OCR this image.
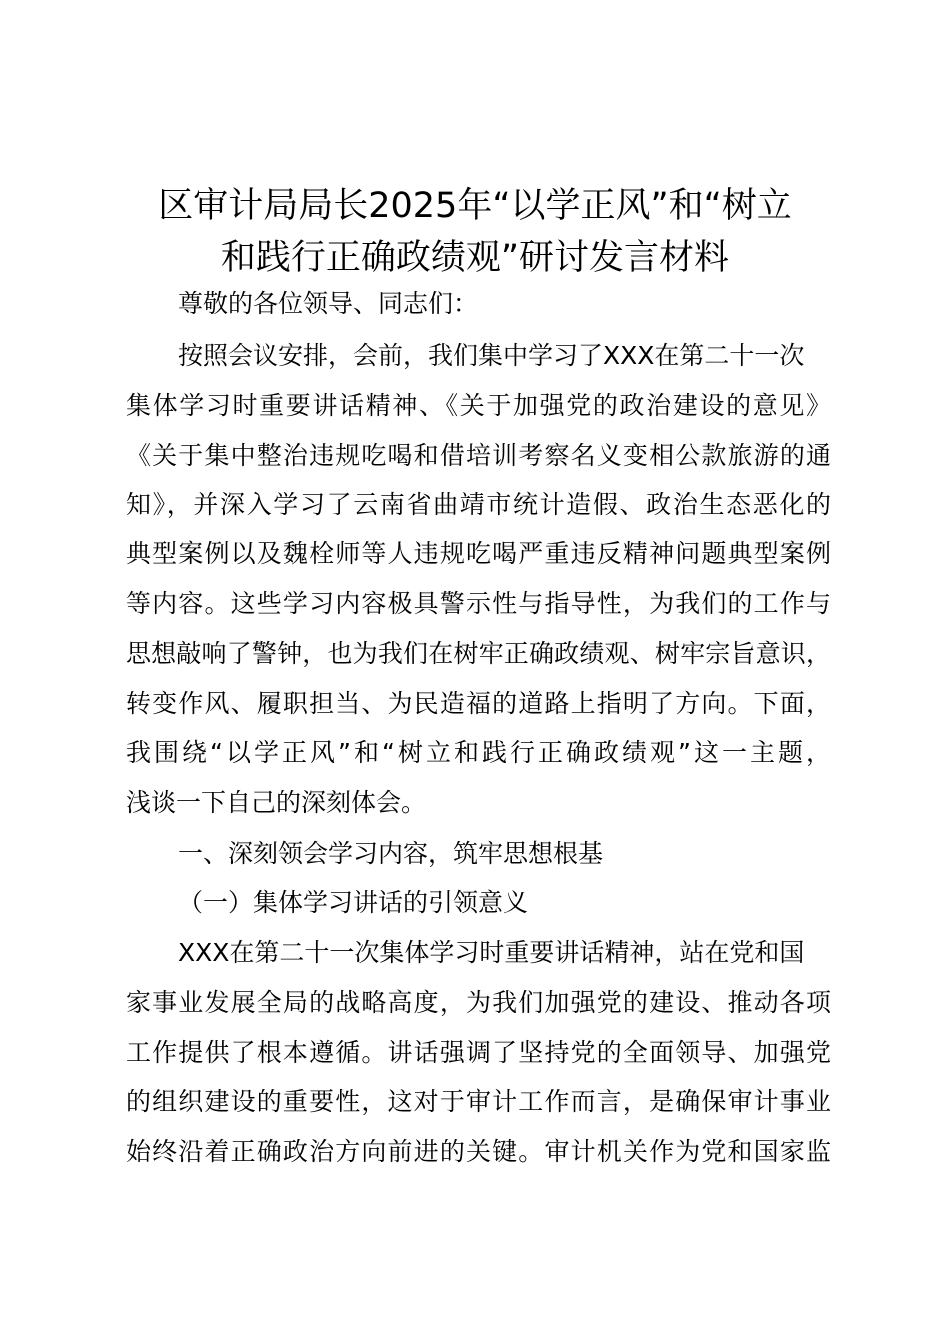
区审计局局长2025年“以学正风”和“树立
和践行正确政绩观”研讨发言材料

尊敬的各位领导、同志们：

按照会议安排，会前，我们集中学习了XXX在第二十一次

集体学习时重要讲话精神、《关于加强党的政治建设的意见》

《关于集中整治违规吃喝和借培训考察名义变相公款旅游的通

知》，并深入学习了云南省曲靖市统计造假、政治生态恶化的

典型案例以及魏栓师等人违规吃喝严重违反精神问题典型案例

等内容。这些学习内容极具警示性与指导性，为我们的工作与

思想敲响了警钟，也为我们在树牢正确政绩观、树牢宗旨意识，

转变作风、履职担当、为民造福的道路上指明了方向。下面，

我围绕“以学正风”和“树立和践行正确政绩观”这一主题，

浅谈一下自己的深刻体会。

一、深刻领会学习内容，筑牢思想根基

（一）集体学习讲话的引领意义

XXX在第二十一次集体学习时重要讲话精神，站在党和国

家事业发展全局的战略高度，为我们加强党的建设、推动各项

工作提供了根本遵循。讲话强调了坚持党的全面领导、加强党

的组织建设的重要性，这对于审计工作而言，是确保审计事业

始终沿着正确政治方向前进的关键。审计机关作为党和国家监
